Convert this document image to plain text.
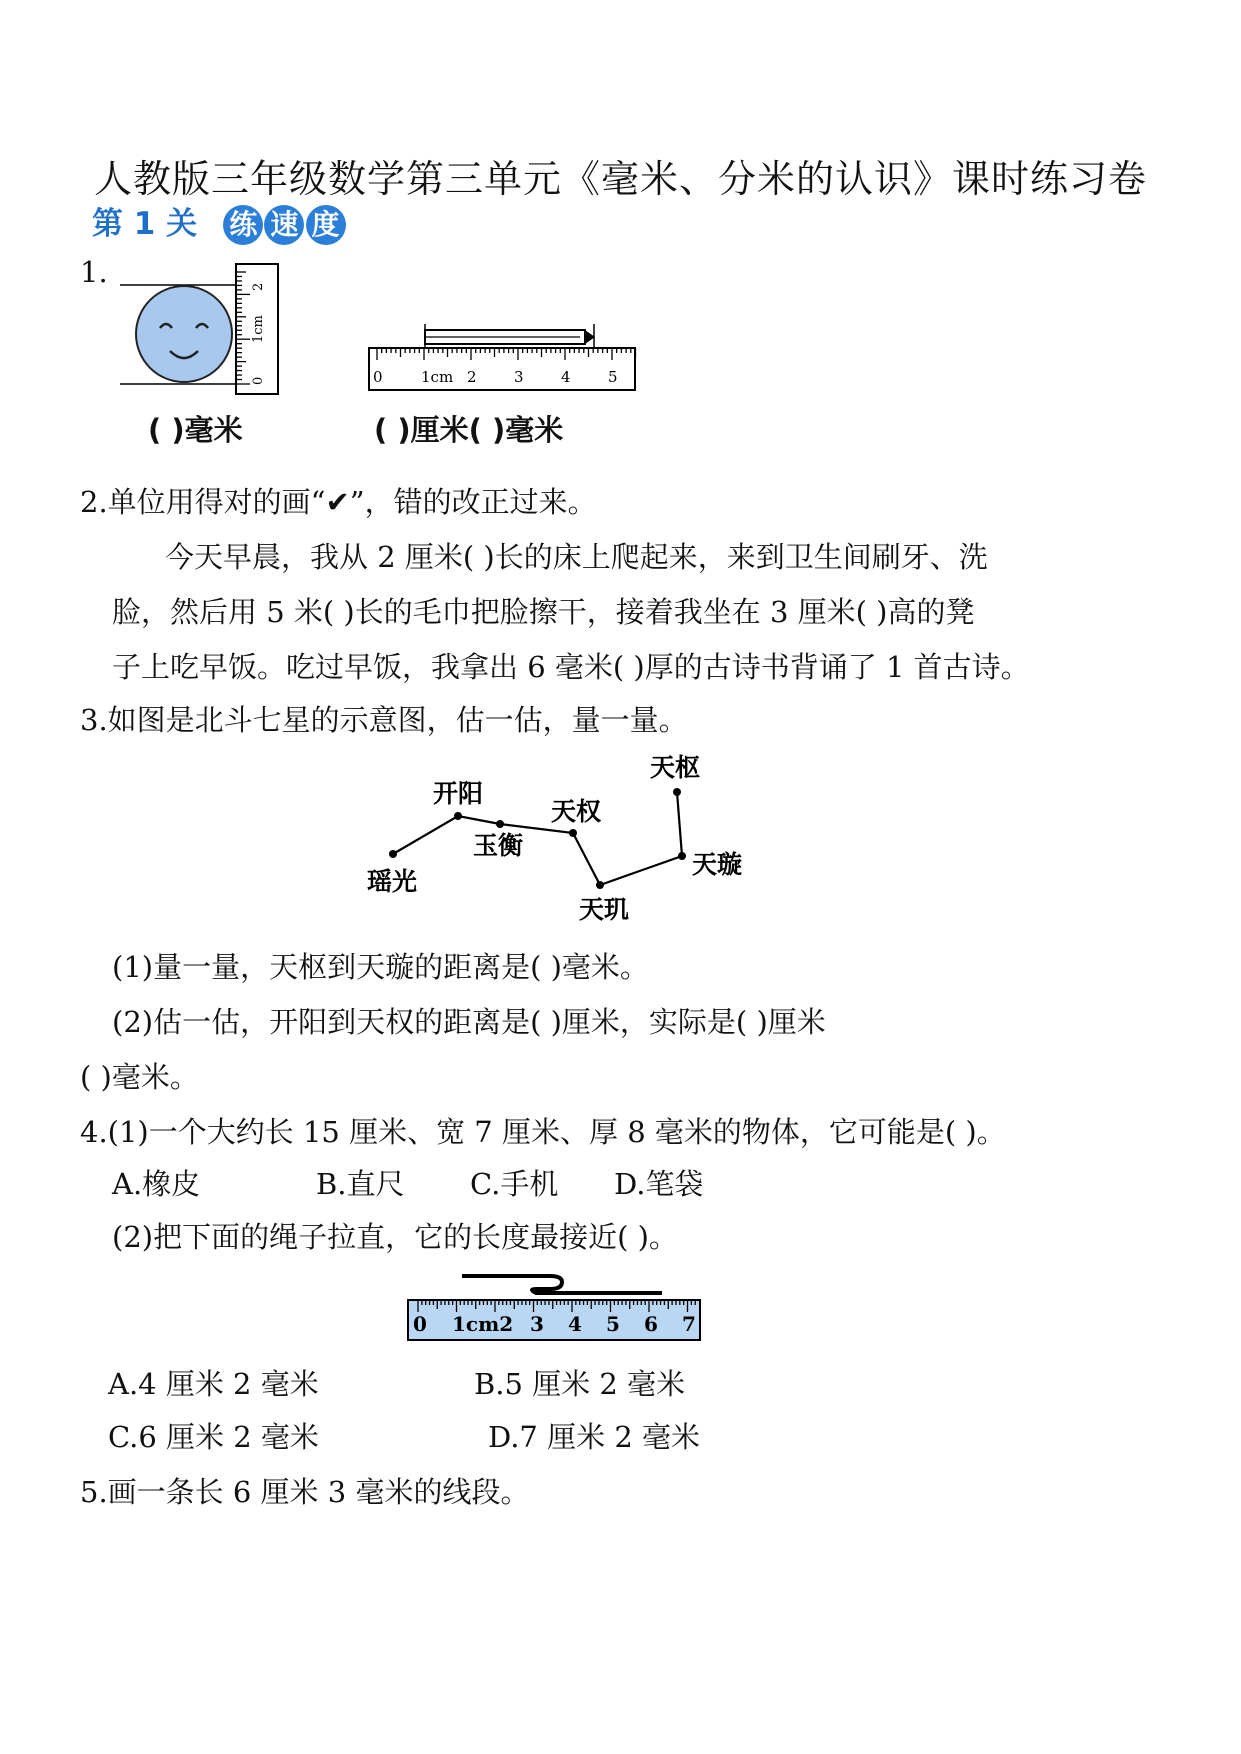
人教版三年级数学第三单元《毫米、分米的认识》课时练习卷
第 1 关 练 速 度
1.
0
1cm
2
( )毫米
0	1cm 2 3 4 5
( )厘米( )毫米
2.单位用得对的画“✔”，错的改正过来。
今天早晨，我从 2 厘米( )长的床上爬起来，来到卫生间刷牙、洗
脸，然后用 5 米( )长的毛巾把脸擦干，接着我坐在 3 厘米( )高的凳
子上吃早饭。吃过早饭，我拿出 6 毫米( )厚的古诗书背诵了 1 首古诗。
3.如图是北斗七星的示意图，估一估，量一量。
天枢
开阳
天权
玉衡
天璇
瑶光
天玑
(1)量一量，天枢到天璇的距离是( )毫米。
(2)估一估，开阳到天权的距离是( )厘米，实际是( )厘米
( )毫米。
4.(1)一个大约长 15 厘米、宽 7 厘米、厚 8 毫米的物体，它可能是( )。
A.橡皮	B.直尺 C.手机 D.笔袋
(2)把下面的绳子拉直，它的长度最接近( )。
0 1cm2 3 4 5 6 7
A.4 厘米 2 毫米	B.5 厘米 2 毫米
C.6 厘米 2 毫米	D.7 厘米 2 毫米
5.画一条长 6 厘米 3 毫米的线段。
